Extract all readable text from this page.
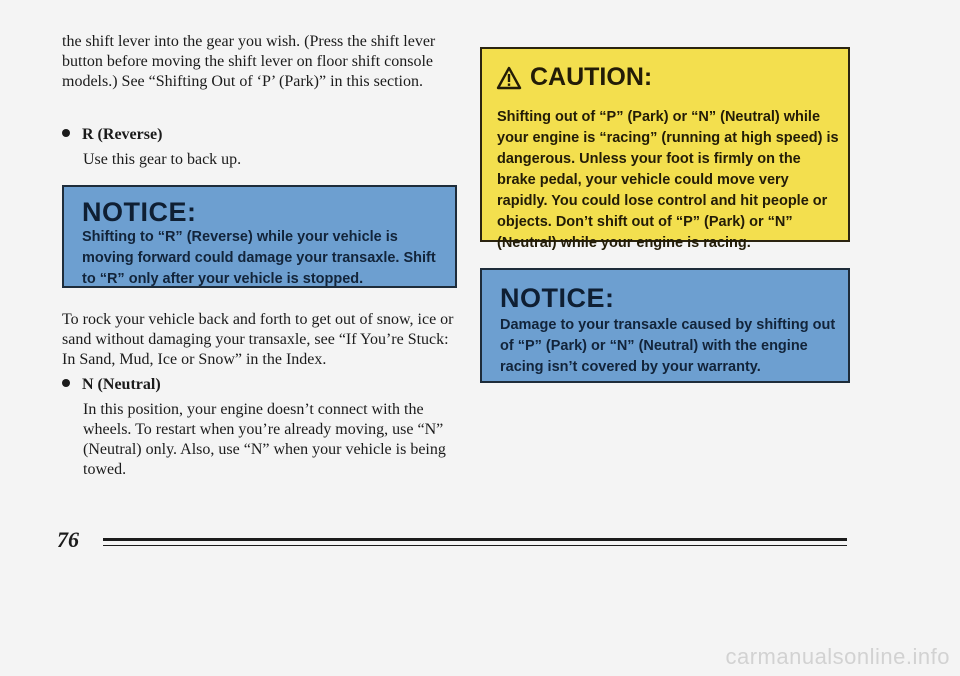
the shift lever into the gear you wish. (Press the shift lever button before moving the shift lever on floor shift console models.) See “Shifting Out of ‘P’ (Park)” in this section.
R (Reverse)
Use this gear to back up.
NOTICE:
Shifting to “R” (Reverse) while your vehicle is moving forward could damage your transaxle. Shift to “R” only after your vehicle is stopped.
To rock your vehicle back and forth to get out of snow, ice or sand without damaging your transaxle, see “If You’re Stuck: In Sand, Mud, Ice or Snow” in the Index.
N (Neutral)
In this position, your engine doesn’t connect with the wheels. To restart when you’re already moving, use “N” (Neutral) only. Also, use “N” when your vehicle is being towed.
CAUTION:
Shifting out of “P” (Park) or “N” (Neutral) while your engine is “racing” (running at high speed) is dangerous. Unless your foot is firmly on the brake pedal, your vehicle could move very rapidly. You could lose control and hit people or objects. Don’t shift out of “P” (Park) or “N” (Neutral) while your engine is racing.
NOTICE:
Damage to your transaxle caused by shifting out of “P” (Park) or “N” (Neutral) with the engine racing isn’t covered by your warranty.
76
carmanualsonline.info
